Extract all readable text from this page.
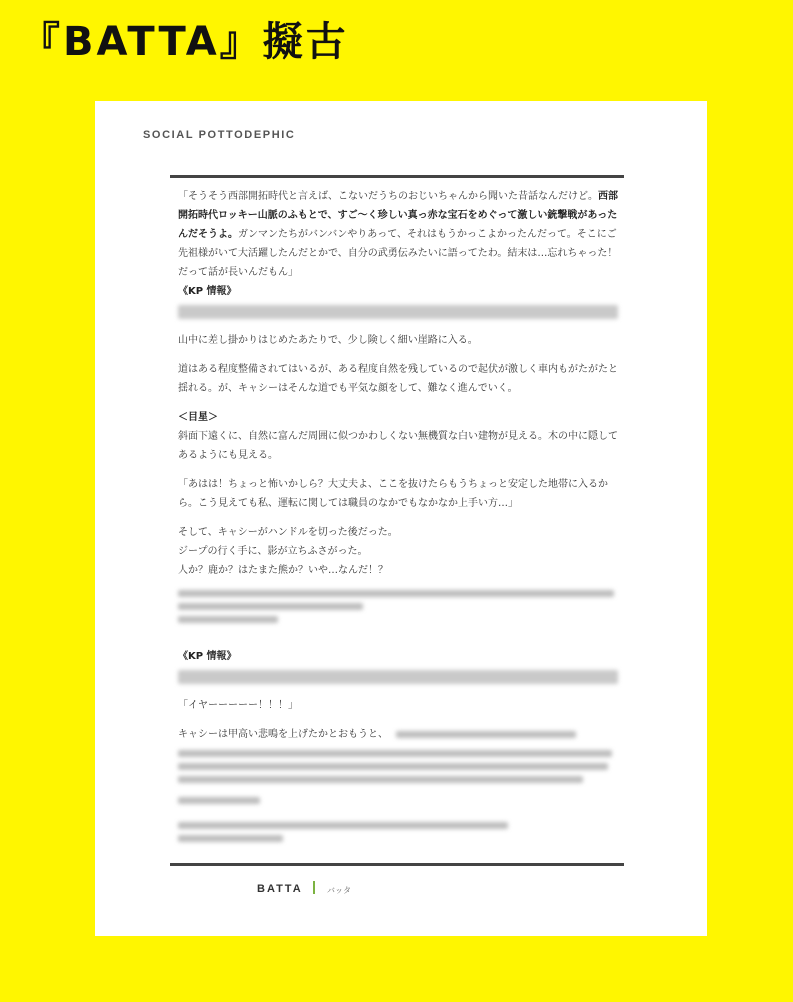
『BATTA』擬古
SOCIAL POTTODEPHIC

「そうそう西部開拓時代と言えば、こないだうちのおじいちゃんから聞いた昔話なんだけど。西部開拓時代ロッキー山脈のふもとで、すご～く珍しい真っ赤な宝石をめぐって激しい銃撃戦があったんだそうよ。ガンマンたちがバンバンやりあって、それはもうかっこよかったんだって。そこにご先祖様がいて大活躍したんだとかで、自分の武勇伝みたいに語ってたわ。結末は…忘れちゃった！だって話が長いんだもん」

《KP 情報》

山中に差し掛かりはじめたあたりで、少し険しく細い崖路に入る。

道はある程度整備されてはいるが、ある程度自然を残しているので起伏が激しく車内もがたがたと揺れる。が、キャシーはそんな道でも平気な顔をして、難なく進んでいく。

＜目星＞

斜面下遠くに、自然に富んだ周囲に似つかわしくない無機質な白い建物が見える。木の中に隠してあるようにも見える。

「あはは！ちょっと怖いかしら？大丈夫よ、ここを抜けたらもうちょっと安定した地帯に入るから。こう見えても私、運転に関しては職員のなかでもなかなか上手い方…」

そして、キャシーがハンドルを切った後だった。

ジープの行く手に、影が立ちふさがった。

人か？鹿か？はたまた熊か？いや…なんだ！？

《KP 情報》

「イヤーーーーー！！！」

キャシーは甲高い悲鳴を上げたかとおもうと、
BATTA	バッタ
